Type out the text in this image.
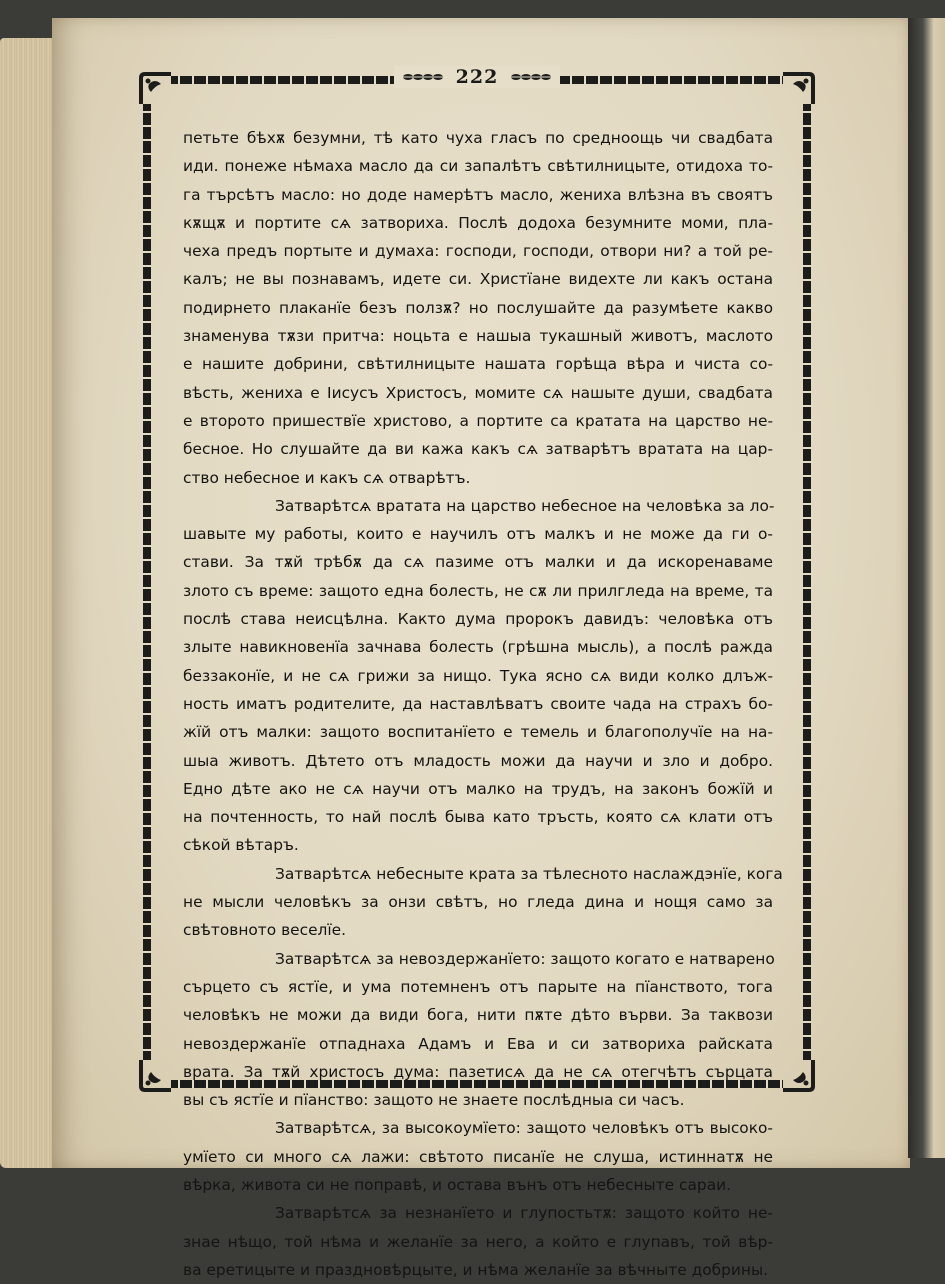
222
петьте бѣхѫ безумни, тѣ като чуха гласъ по средноощь чи свадбата
иди. понеже нѣмаха масло да си запалѣтъ свѣтилницыте, отидоха то-
га търсѣтъ масло: но доде намерѣтъ масло, жениха влѣзна въ своятъ
кѫщѫ и портите сѧ затвориха. Послѣ додоха безумните моми, пла-
чеха предъ портыте и думаха: господи, господи, отвори ни? а той ре-
калъ; не вы познавамъ, идете си. Христїане видехте ли какъ остана
подирнето плаканїе безъ ползѫ? но послушайте да разумѣете какво
знаменува тѫзи притча: ноцьта е нашыа тукашный животъ, маслото
е нашите добрини, свѣтилницыте нашата горѣща вѣра и чиста со-
вѣсть, жениха е Iисусъ Христосъ, момите сѧ нашыте души, свадбата
е второто пришествїе христово, а портите са кратата на царство не-
бесное. Но слушайте да ви кажа какъ сѧ затварѣтъ вратата на цар-
ство небесное и какъ сѧ отварѣтъ.
Затварѣтсѧ вратата на царство небесное на человѣка за ло-
шавыте му работы, които е научилъ отъ малкъ и не може да ги о-
стави. За тѫй трѣбѫ да сѧ пазиме отъ малки и да искоренаваме
злото съ време: защото една болесть, не сѫ ли прилгледа на време, та
послѣ става неисцѣлна. Както дума пророкъ давидъ: человѣка отъ
злыте навикновенїа зачнава болесть (грѣшна мысль), а послѣ ражда
беззаконїе, и не сѧ грижи за нищо. Тука ясно сѧ види колко длъж-
ность иматъ родителите, да наставлѣватъ своите чада на страхъ бо-
жїй отъ малки: защото воспитанїето е темель и благополучїе на на-
шыа животъ. Дѣтето отъ младость можи да научи и зло и добро.
Едно дѣте ако не сѧ научи отъ малко на трудъ, на законъ божїй и
на почтенность, то най послѣ быва като тръсть, която сѧ клати отъ
сѣкой вѣтаръ.
Затварѣтсѧ небесныте крата за тѣлесното наслаждэнїе, кога
не мысли человѣкъ за онзи свѣтъ, но гледа дина и нощя само за
свѣтовното веселїе.
Затварѣтсѧ за невоздержанїето: защото когато е натварено
сърцето съ ястїе, и ума потемненъ отъ парыте на пїанството, тога
человѣкъ не можи да види бога, нити пѫте дѣто върви. За таквози
невоздержанїе отпаднаха Адамъ и Ева и си затвориха райската
врата. За тѫй христосъ дума: пазетисѧ да не сѧ отегчѣтъ сърцата
вы съ ястїе и пїанство: защото не знаете послѣдныа си часъ.
Затварѣтсѧ, за высокоумїето: защото человѣкъ отъ высоко-
умїето си много сѧ лажи: свѣтото писанїе не слуша, истиннатѫ не
вѣрка, живота си не поправѣ, и остава вънъ отъ небесныте сараи.
Затварѣтсѧ за незнанїето и глупостьтѫ: защото който не-
знае нѣщо, той нѣма и желанїе за него, а който е глупавъ, той вѣр-
ва еретицыте и празднoвѣрцыте, и нѣма желанїе за вѣчныте добрины.
